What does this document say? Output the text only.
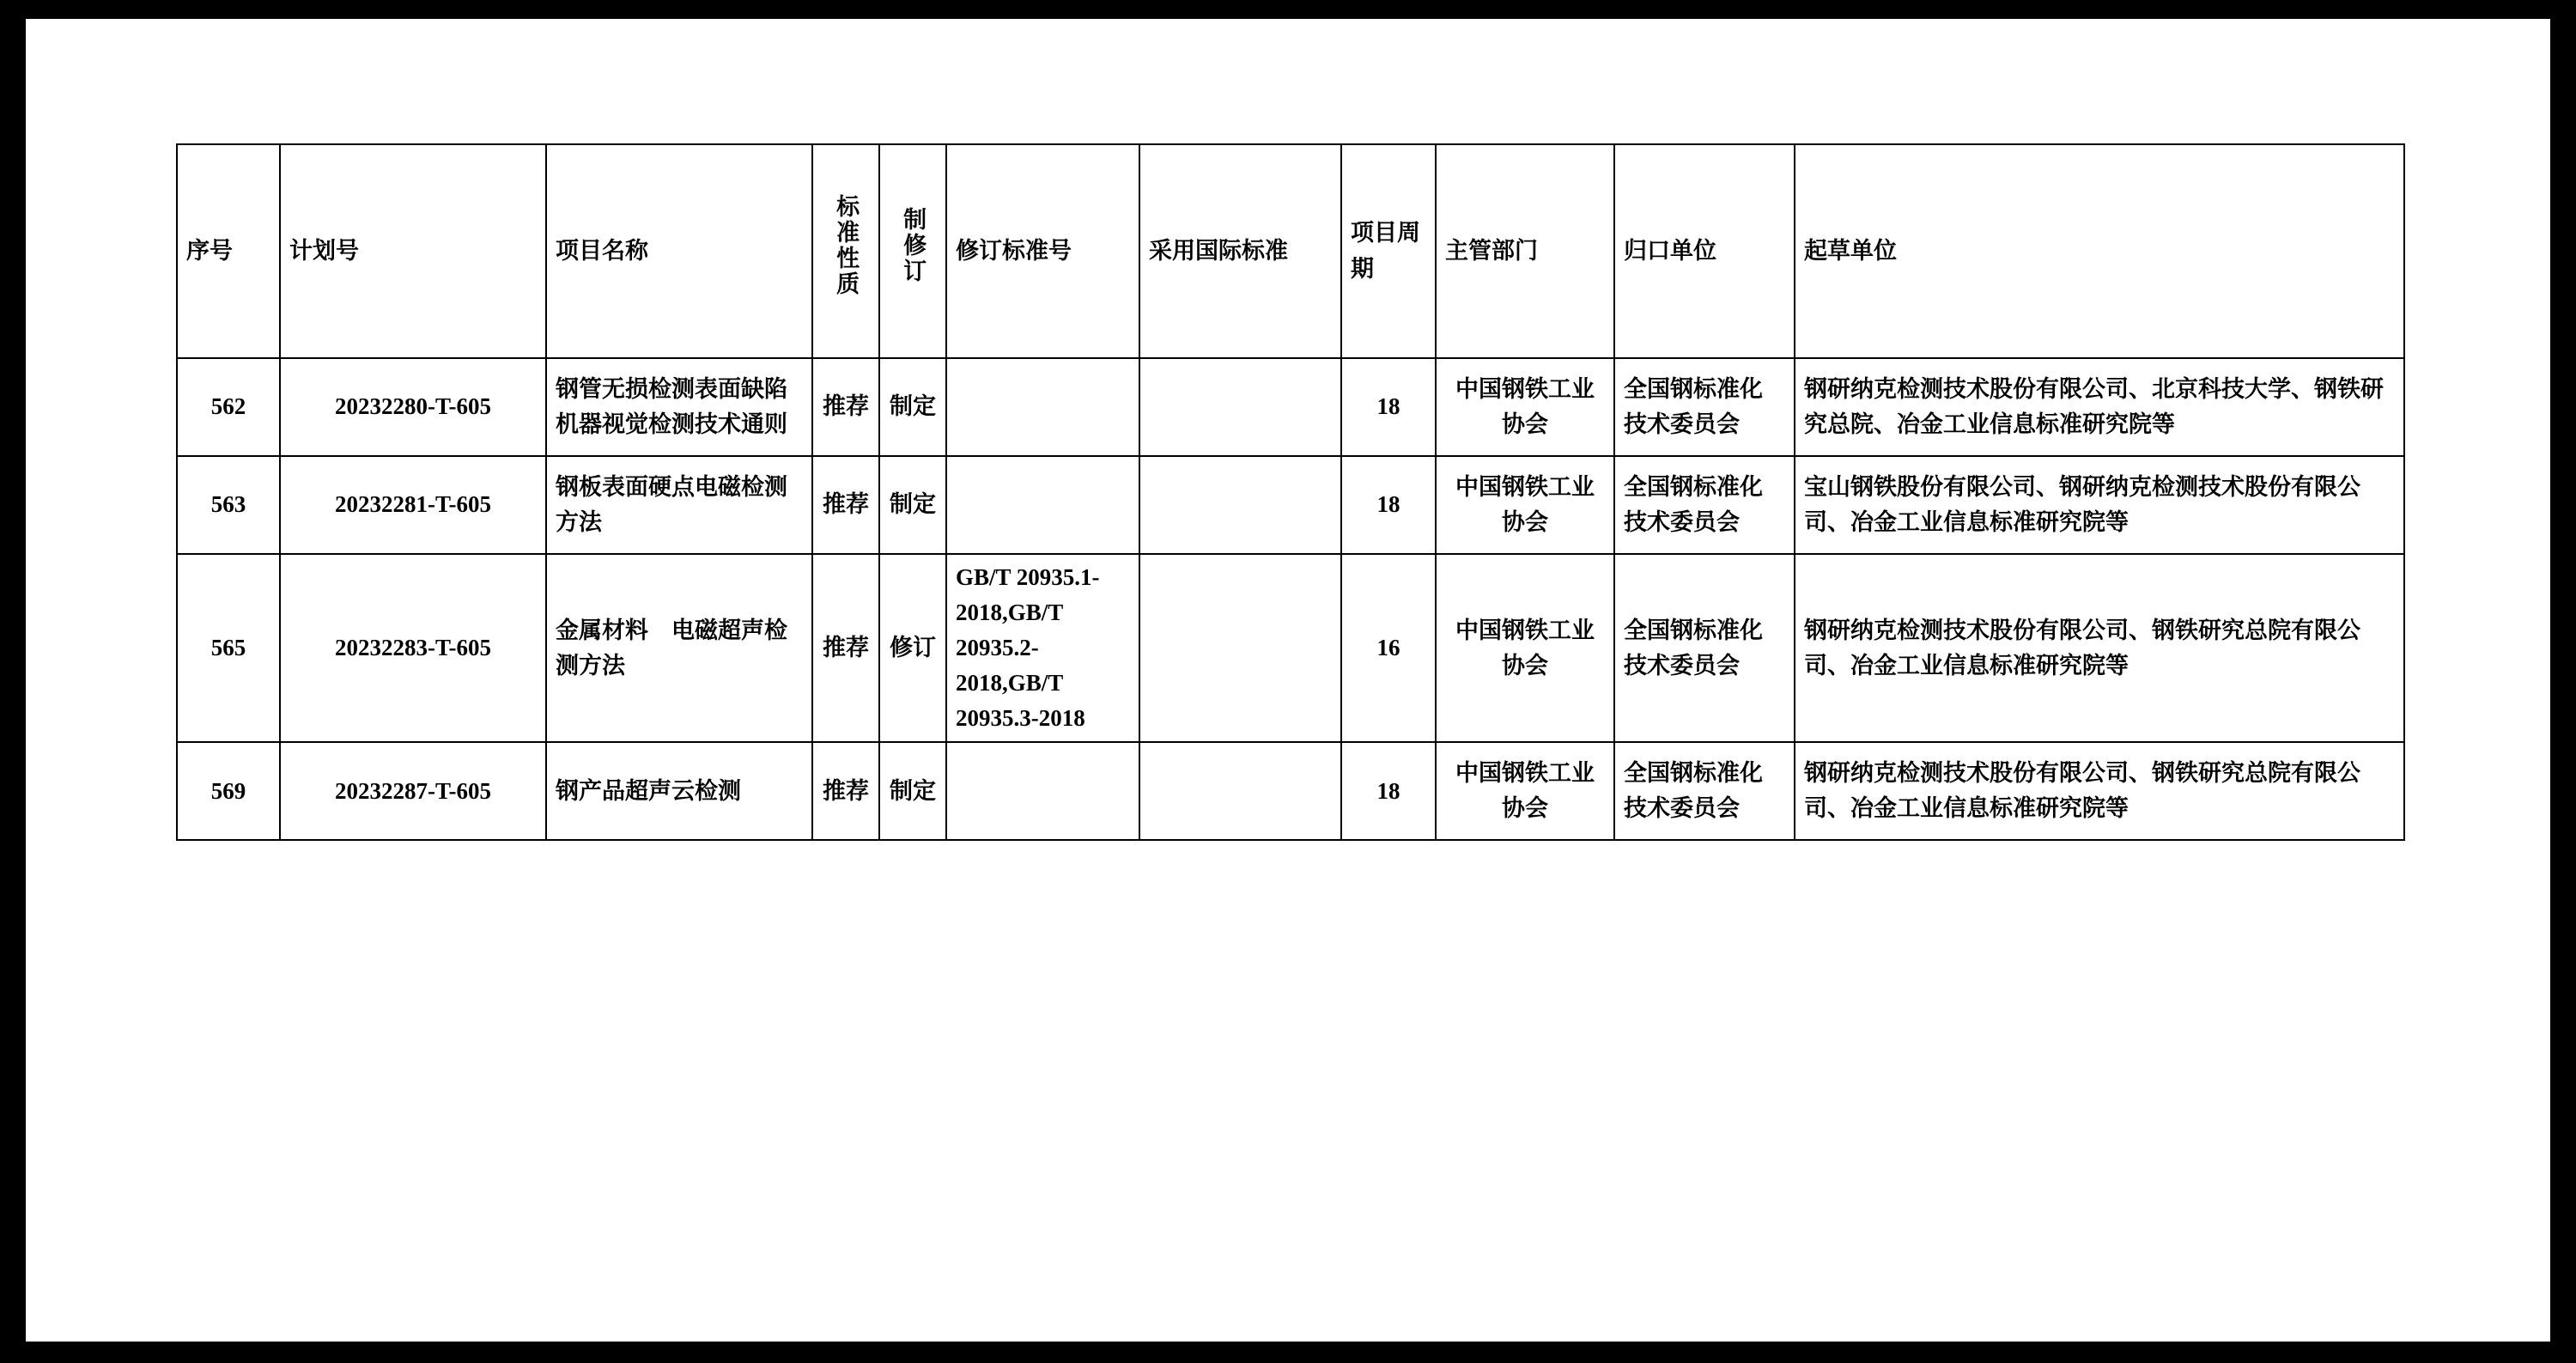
序号	计划号	项目名称	标准性质	制修订	修订标准号	采用国际标准	项目周期	主管部门	归口单位	起草单位
562	20232280-T-605	钢管无损检测表面缺陷机器视觉检测技术通则	推荐	制定			18	中国钢铁工业协会	全国钢标准化技术委员会	钢研纳克检测技术股份有限公司、北京科技大学、钢铁研究总院、冶金工业信息标准研究院等
563	20232281-T-605	钢板表面硬点电磁检测方法	推荐	制定			18	中国钢铁工业协会	全国钢标准化技术委员会	宝山钢铁股份有限公司、钢研纳克检测技术股份有限公司、冶金工业信息标准研究院等
565	20232283-T-605	金属材料　电磁超声检测方法	推荐	修订	GB/T 20935.1-2018,GB/T 20935.2-2018,GB/T 20935.3-2018		16	中国钢铁工业协会	全国钢标准化技术委员会	钢研纳克检测技术股份有限公司、钢铁研究总院有限公司、冶金工业信息标准研究院等
569	20232287-T-605	钢产品超声云检测	推荐	制定			18	中国钢铁工业协会	全国钢标准化技术委员会	钢研纳克检测技术股份有限公司、钢铁研究总院有限公司、冶金工业信息标准研究院等
